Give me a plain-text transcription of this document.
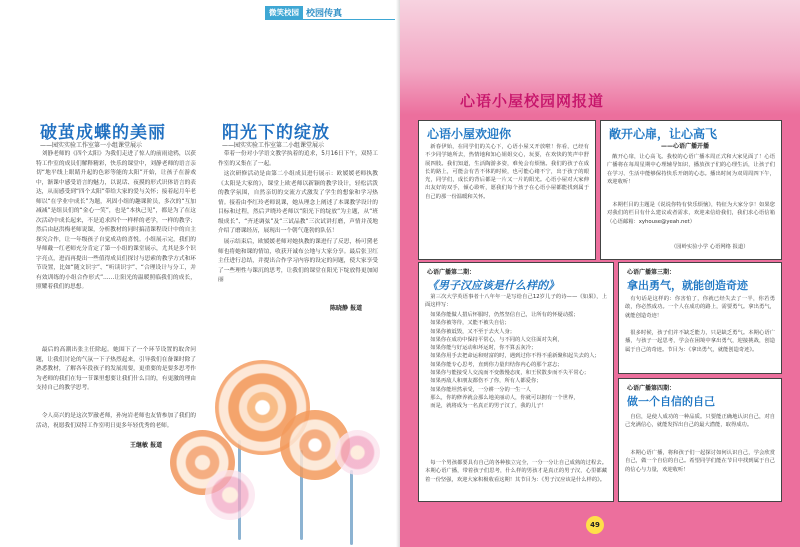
微笑校园 校园传真
破茧成蝶的美丽
——园实实验工作室第一小组课堂展示
刘静老师的《四个太阳》为我们走进了惊人的前雨途鸦，以获特工作室的成员们解释精彩，快乐的课堂中，刘静老师的语言亲切“地平线上眼睛升起的色彩等能的太阳”开始，让孩子在游戏中，渐课中感受语言的魅力，以说话、夜摸的形式识体语言的表达，从而感受到“四个太阳”带给大家的爱与关怀；接着起月年老师以“在学业中成长”为题，巩固小组的趣课阶员，多次的“互加减减”是组员们的“金心一笑”，也是“本执己见”，都是为了在这次活动中成长起来，不是追求四个一样样的老学，一样的教学；然后由赵洪梅老师说课，分析教材的同时搞清课程设计中的自主探究合作，让一年级孩子自觉成功的喜悦。小组展示完，我们的导师戴一红老师充分肯定了第一小组的课堂展示，尤其是多个识字亮点，进而再提出一些值得成员们探讨与思索的教学方式和环节设置，比如“随文识字”、“听读识字”、“合理设计与分工，并有效训练的小组合作形式”……让阳光的温暖照临我们的成长，照耀着我们的思想。
最后的高潮出张主任除起。她围下了一个环节设置的取舍问题，让我们讨论的气氛一下子热烈起来，引导我们在备课时除了熟悉教材，了解各年段孩子的发展需要，更重要的是要多思考作为老师的我们在每一节课里想要让我们什么目的，有更激的理由支持自己的教学思考。
令人高兴的是这次罗澈老师，孙宛岩老师也友情参加了我们的活动，祝愿我们双特工作室明日更多年轻优秀的老师。
王继敏 报道
阳光下的绽放
——园实实验工作室第二小组课堂展示
带着一份对小学语文教学执着的追求，5月16日下午，双特工作室的又集在了一起。
这次研修活动是由第二小组成员进行展示：欧媛媛老师执教《太阳是大家的》，课堂上欧老师以新颖的教学设计，轻松活泼的教学氛围，自然亲切的交流方式激发了学生的想象和学习热情。接着由李红玲老师说课，她从理念上阐述了本课教学设计的目标和过程，然后尹晓玲老师以“阳光下的绽放”为主题，从“班级成长”、“齐述调弦”及“三试品教”三次试讲打磨，声情并茂地介绍了磨课经历，展现出一个朝气蓬勃的队伍！
展示结束后，欧媛媛老师对她执教的课进行了反思，杨可黛老师也将她和课的情谊，收获开诚布公地与大家分享。最后张卫红主任进行总结，并提出合作学习内容的设定的问题，使大家享受了一些理性与课沉的思考，让我们的课堂在阳光下绽放得更加闻丽
陈晓静 报道
心语小屋校园网报道
心语小屋欢迎你
新春伊始，在同学们的关心下，心语小屋又开放啦！你看，已经有不少同学她所去，热情地和知心姐姐交心，玩耍，在欢快的笑声中舒展四肢。我们知道，生活陶游多姿，难免会有烦恼。我们的孩子在成长的路上，可能会有苦不休的时候，也可能心绪不宁，出于孩子的眼光，同学们，成长的背后都是一片又一片的阳光。心语小屋对大家伸出友好的双手，倾心聆听，愿我们每个孩子在心语小屋都能找到属于自己的那一份温暖和关怀。
敞开心扉，让心高飞
——心语广播开播
敞开心扉，让心高飞。我校的心语广播本周正式和大家见面了！心语广播将在每周星期中心理辅导知识，播放孩子们的心理生活，让孩子们在学习、生活中能够保持快乐开朗的心态。播出时间为双周周四下午，欢迎收听！
本期栏目的主题是《说说你特有快乐烦恼》，特征为大家分享！如果您对我们的栏目有什么建议或者需求，欢迎来信给我们，我们求心语信箱（心语邮箱：xyhouse@yeah.net）
（园岭实验小学 心语网络 报道）
心语广播第二期：
《男子汉应该是什么样的》
第三次大学英语事者十八年年一是写给自己12岁儿子的诗——《如果》，上面这样写：
如果你能做人措后怀服时，仍然坚信自己，让所有的怀疑动摇；
如果你被等待，又能不被失自信；
如果你被诋毁，又不至于去火人身；
如果你在成功中保持平常心，与不同的人交往面对失利，
如果你能与好运动和坏运时，你不算丢灰冷；
如果你用手去把命运和财富的时，遇到过你不得不重新聚积起失去的人；
如果你能专心思考，直到你力量归结你内心的那个意志；
如果你与能接受人交流而不变傲慢态度，和王侯散步而不失平常心；
如果再敌人和朋友都伤不了你，所有人都爱你；
如果你能坦然承受，一分耕一分的一生一人
那么，你的修养就会那么地美丽动人，你就可以拥有一个世界，
而是，就将成为一名真正的男子汉了，我的儿子！
每一个男孩都要具有自己的各种独立完全，一分一分让自己成熟的过程去。本期心语广播，带着孩子们思考，什么样的男孩才是真正的男子汉，心里都藏着一份坚强，欢迎大家积极收看这期！其节目为：《男子汉应该是什么样的》。
心语广播第三期：
拿出勇气，就能创造奇迹
有句话是这样的：你害怕了，你就已经失去了一半，你若勇敢，你必然成功。一个人在成功的路上，需要勇气。拿出勇气，就能创造奇迹！
很多时候，孩子们并不缺乏能力，只是缺乏勇气。本期心语广播，与孩子一起思考，学会在困境中拿出勇气，迎接挑战，创造属于自己的奇迹。节目为：《拿出勇气，就能创造奇迹》。
心语广播第四期：
做一个自信的自己
自信，是使人成功的一种品质。只要能正确地认识自己，对自己充满信心，就能发挥出自己的最大潜能，取得成功。
本期心语广播，将和孩子们一起探讨如何认识自己，学会欣赏自己，做一个自信的自己。希望同学们能在节目中找到属于自己的信心与力量，欢迎收听！
49
